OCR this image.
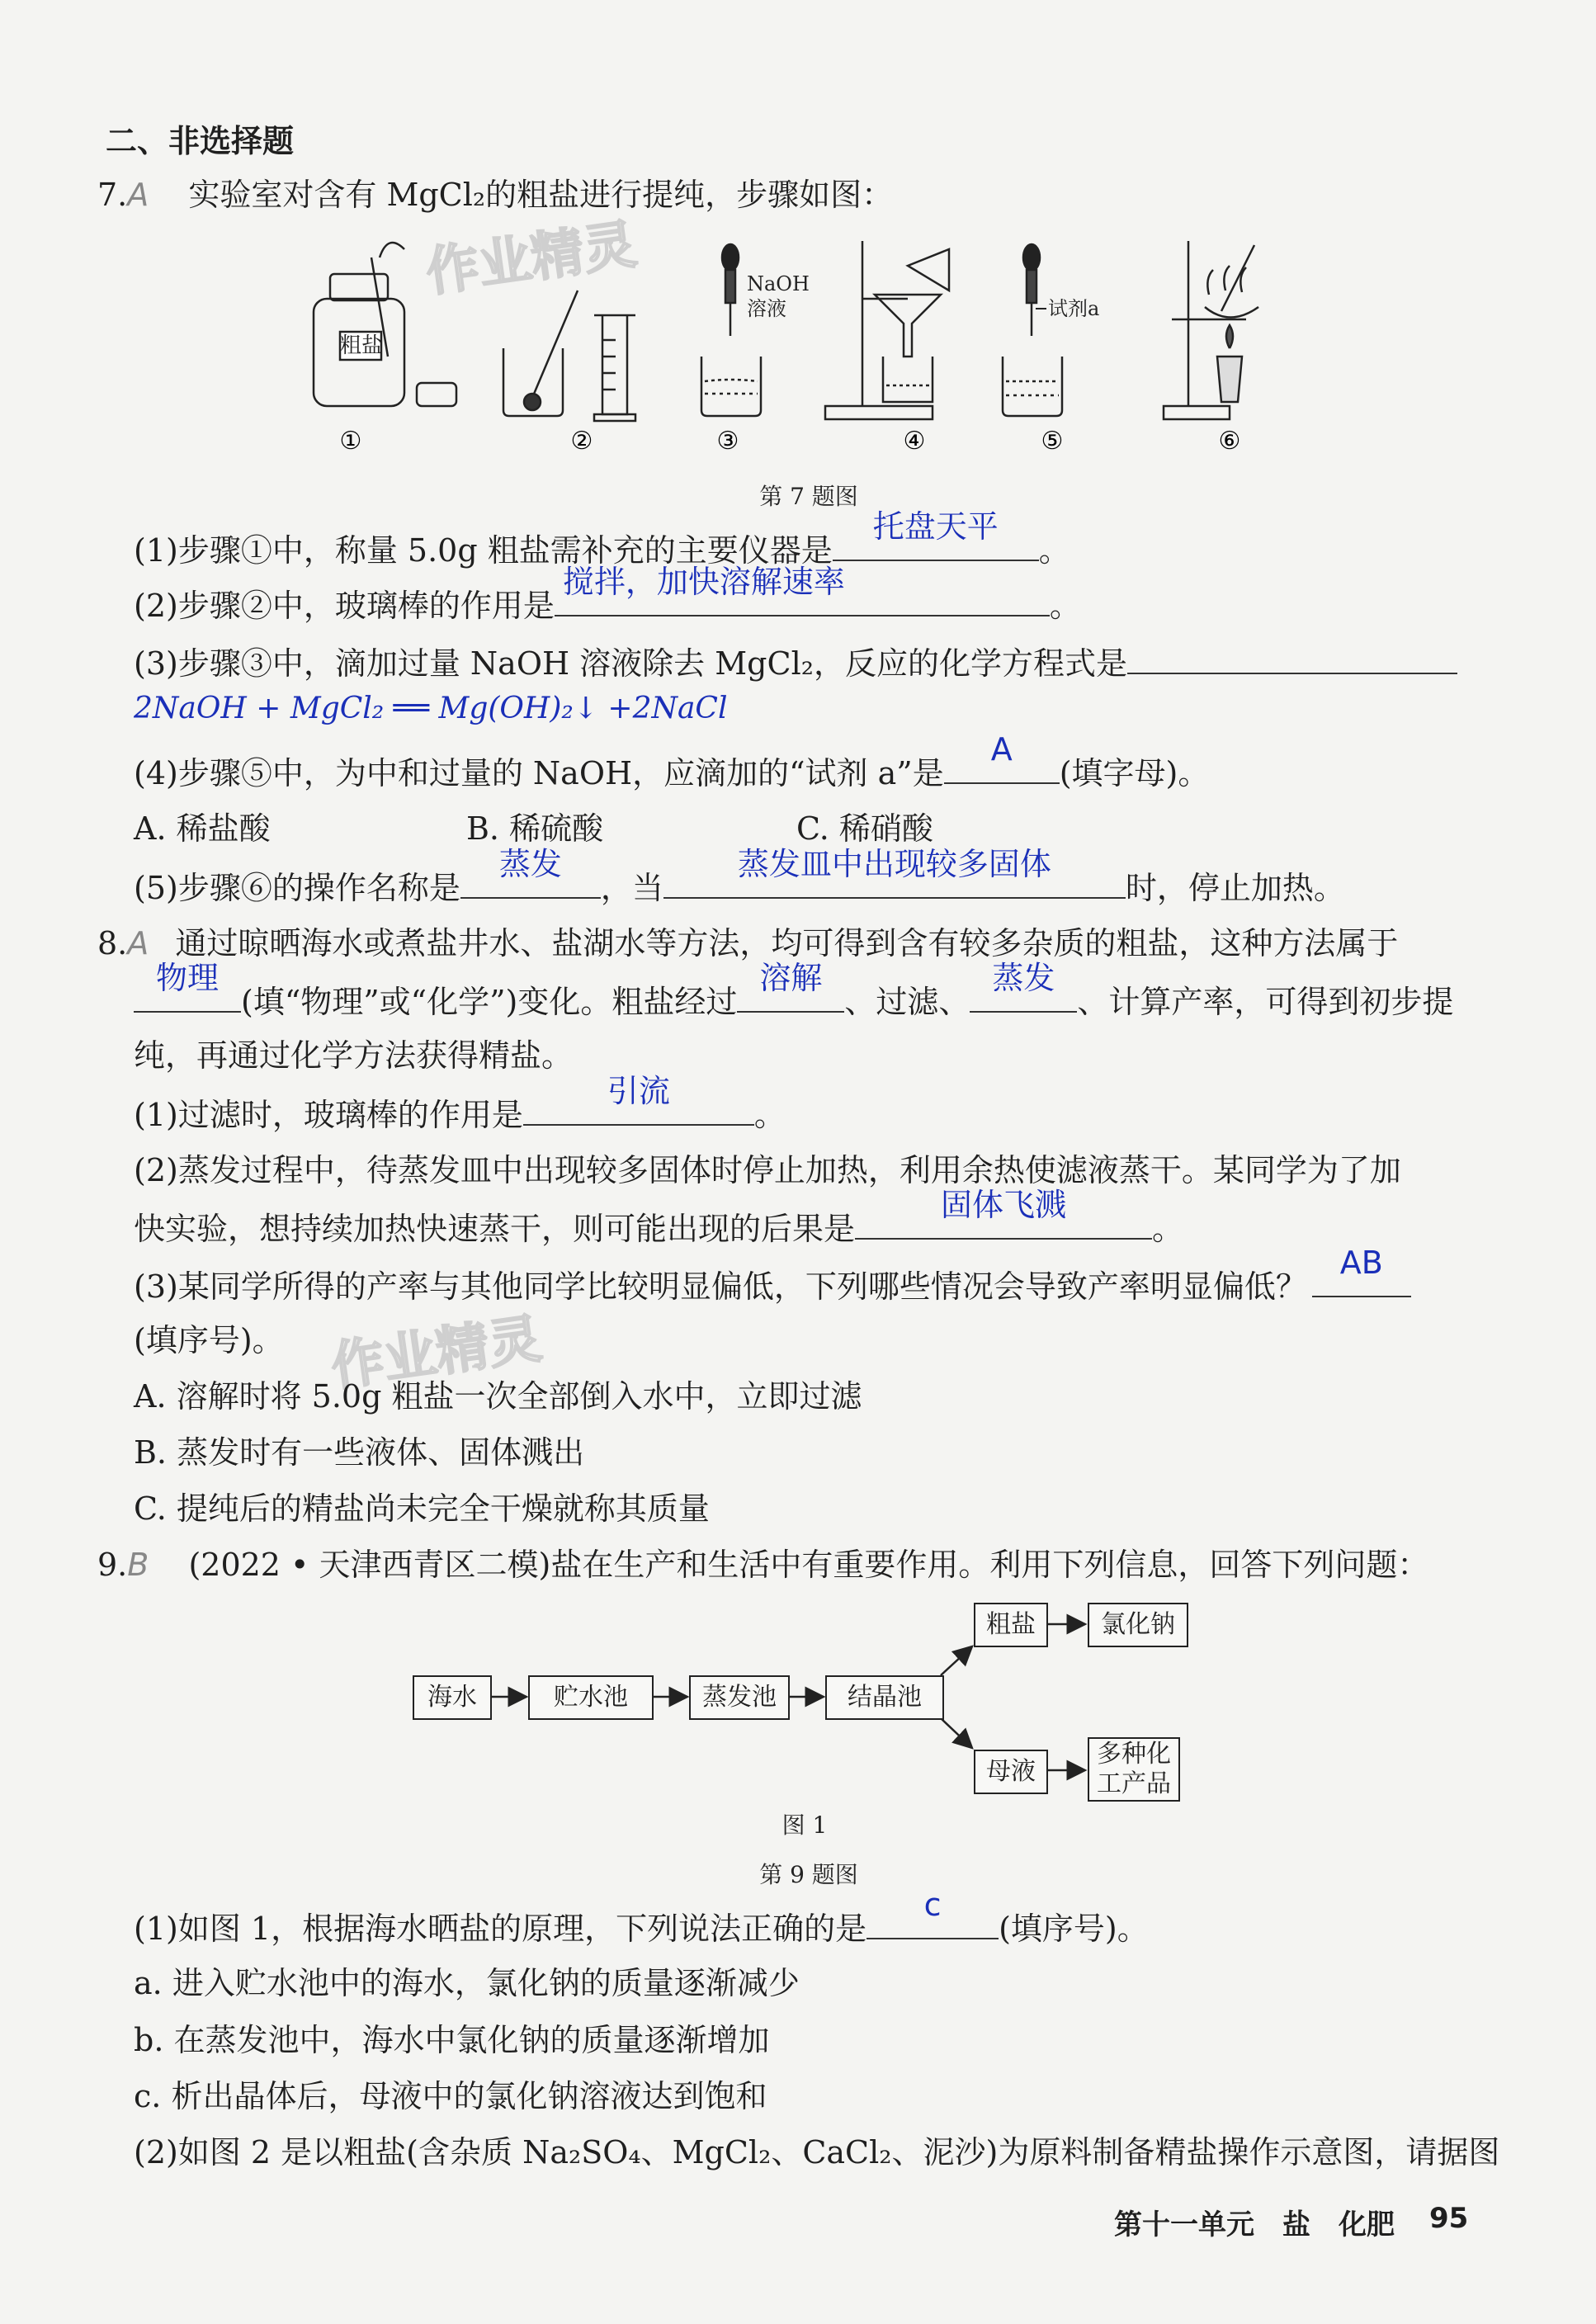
二、非选择题
7.A 实验室对含有 MgCl₂的粗盐进行提纯，步骤如图：
作业精灵
粗盐
NaOH
溶液	试剂a
①	②	③	④	⑤	⑥
第 7 题图
(1)步骤①中，称量 5.0g 粗盐需补充的主要仪器是
托盘天平
。
(2)步骤②中，玻璃棒的作用是
搅拌，加快溶解速率
。
(3)步骤③中，滴加过量 NaOH 溶液除去 MgCl₂，反应的化学方程式是
2NaOH + MgCl₂ ══ Mg(OH)₂↓ +2NaCl
(4)步骤⑤中，为中和过量的 NaOH，应滴加的“试剂 a”是
A
(填字母)。
A. 稀盐酸	B. 稀硫酸	C. 稀硝酸
(5)步骤⑥的操作名称是
蒸发
，当
蒸发皿中出现较多固体
时，停止加热。
8.A 通过晾晒海水或煮盐井水、盐湖水等方法，均可得到含有较多杂质的粗盐，这种方法属于
物理
(填“物理”或“化学”)变化。粗盐经过
溶解
、过滤、
蒸发
、计算产率，可得到初步提
纯，再通过化学方法获得精盐。
(1)过滤时，玻璃棒的作用是
引流
。
(2)蒸发过程中，待蒸发皿中出现较多固体时停止加热，利用余热使滤液蒸干。某同学为了加
快实验，想持续加热快速蒸干，则可能出现的后果是
固体飞溅
。
(3)某同学所得的产率与其他同学比较明显偏低，下列哪些情况会导致产率明显偏低？
AB
(填序号)。 作业精灵
A. 溶解时将 5.0g 粗盐一次全部倒入水中，立即过滤
B. 蒸发时有一些液体、固体溅出
C. 提纯后的精盐尚未完全干燥就称其质量
9.B (2022 • 天津西青区二模)盐在生产和生活中有重要作用。利用下列信息，回答下列问题：
海水	贮水池	蒸发池	结晶池
粗盐	氯化钠
母液
多种化
工产品
图 1
第 9 题图
(1)如图 1，根据海水晒盐的原理，下列说法正确的是
c
(填序号)。
a. 进入贮水池中的海水，氯化钠的质量逐渐减少
b. 在蒸发池中，海水中氯化钠的质量逐渐增加
c. 析出晶体后，母液中的氯化钠溶液达到饱和
(2)如图 2 是以粗盐(含杂质 Na₂SO₄、MgCl₂、CaCl₂、泥沙)为原料制备精盐操作示意图，请据图
第十一单元　盐　化肥 95
